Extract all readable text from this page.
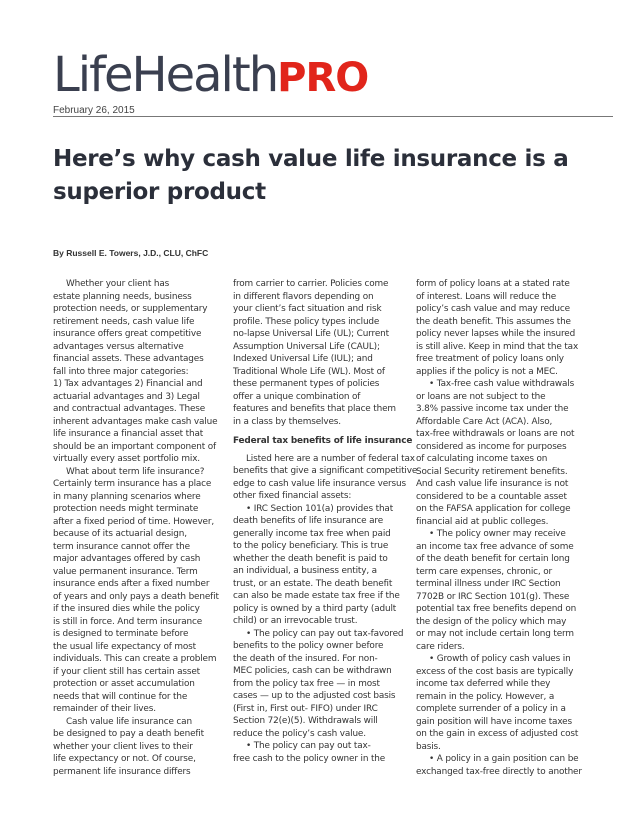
LifeHealthPRO
February 26, 2015
Here’s why cash value life insurance is a superior product
By Russell E. Towers, J.D., CLU, ChFC
  Whether your client has
estate planning needs, business
protection needs, or supplementary
retirement needs, cash value life
insurance offers great competitive
advantages versus alternative
financial assets. These advantages
fall into three major categories:
1) Tax advantages 2) Financial and
actuarial advantages and 3) Legal
and contractual advantages. These
inherent advantages make cash value
life insurance a financial asset that
should be an important component of
virtually every asset portfolio mix.
  What about term life insurance?
Certainly term insurance has a place
in many planning scenarios where
protection needs might terminate
after a fixed period of time. However,
because of its actuarial design,
term insurance cannot offer the
major advantages offered by cash
value permanent insurance. Term
insurance ends after a fixed number
of years and only pays a death benefit
if the insured dies while the policy
is still in force. And term insurance
is designed to terminate before
the usual life expectancy of most
individuals. This can create a problem
if your client still has certain asset
protection or asset accumulation
needs that will continue for the
remainder of their lives.
  Cash value life insurance can
be designed to pay a death benefit
whether your client lives to their
life expectancy or not. Of course,
permanent life insurance differs
from carrier to carrier. Policies come
in different flavors depending on
your client’s fact situation and risk
profile. These policy types include
no-lapse Universal Life (UL); Current
Assumption Universal Life (CAUL);
Indexed Universal Life (IUL); and
Traditional Whole Life (WL). Most of
these permanent types of policies
offer a unique combination of
features and benefits that place them
in a class by themselves.
Federal tax benefits of life insurance
  Listed here are a number of federal tax
benefits that give a significant competitive
edge to cash value life insurance versus
other fixed financial assets:
  • IRC Section 101(a) provides that
death benefits of life insurance are
generally income tax free when paid
to the policy beneficiary. This is true
whether the death benefit is paid to
an individual, a business entity, a
trust, or an estate. The death benefit
can also be made estate tax free if the
policy is owned by a third party (adult
child) or an irrevocable trust.
  • The policy can pay out tax-favored
benefits to the policy owner before
the death of the insured. For non-
MEC policies, cash can be withdrawn
from the policy tax free — in most
cases — up to the adjusted cost basis
(First in, First out- FIFO) under IRC
Section 72(e)(5). Withdrawals will
reduce the policy’s cash value.
  • The policy can pay out tax-
free cash to the policy owner in the
form of policy loans at a stated rate
of interest. Loans will reduce the
policy’s cash value and may reduce
the death benefit. This assumes the
policy never lapses while the insured
is still alive. Keep in mind that the tax
free treatment of policy loans only
applies if the policy is not a MEC.
  • Tax-free cash value withdrawals
or loans are not subject to the
3.8% passive income tax under the
Affordable Care Act (ACA). Also,
tax-free withdrawals or loans are not
considered as income for purposes
of calculating income taxes on
Social Security retirement benefits.
And cash value life insurance is not
considered to be a countable asset
on the FAFSA application for college
financial aid at public colleges.
  • The policy owner may receive
an income tax free advance of some
of the death benefit for certain long
term care expenses, chronic, or
terminal illness under IRC Section
7702B or IRC Section 101(g). These
potential tax free benefits depend on
the design of the policy which may
or may not include certain long term
care riders.
  • Growth of policy cash values in
excess of the cost basis are typically
income tax deferred while they
remain in the policy. However, a
complete surrender of a policy in a
gain position will have income taxes
on the gain in excess of adjusted cost
basis.
  • A policy in a gain position can be
exchanged tax-free directly to another
